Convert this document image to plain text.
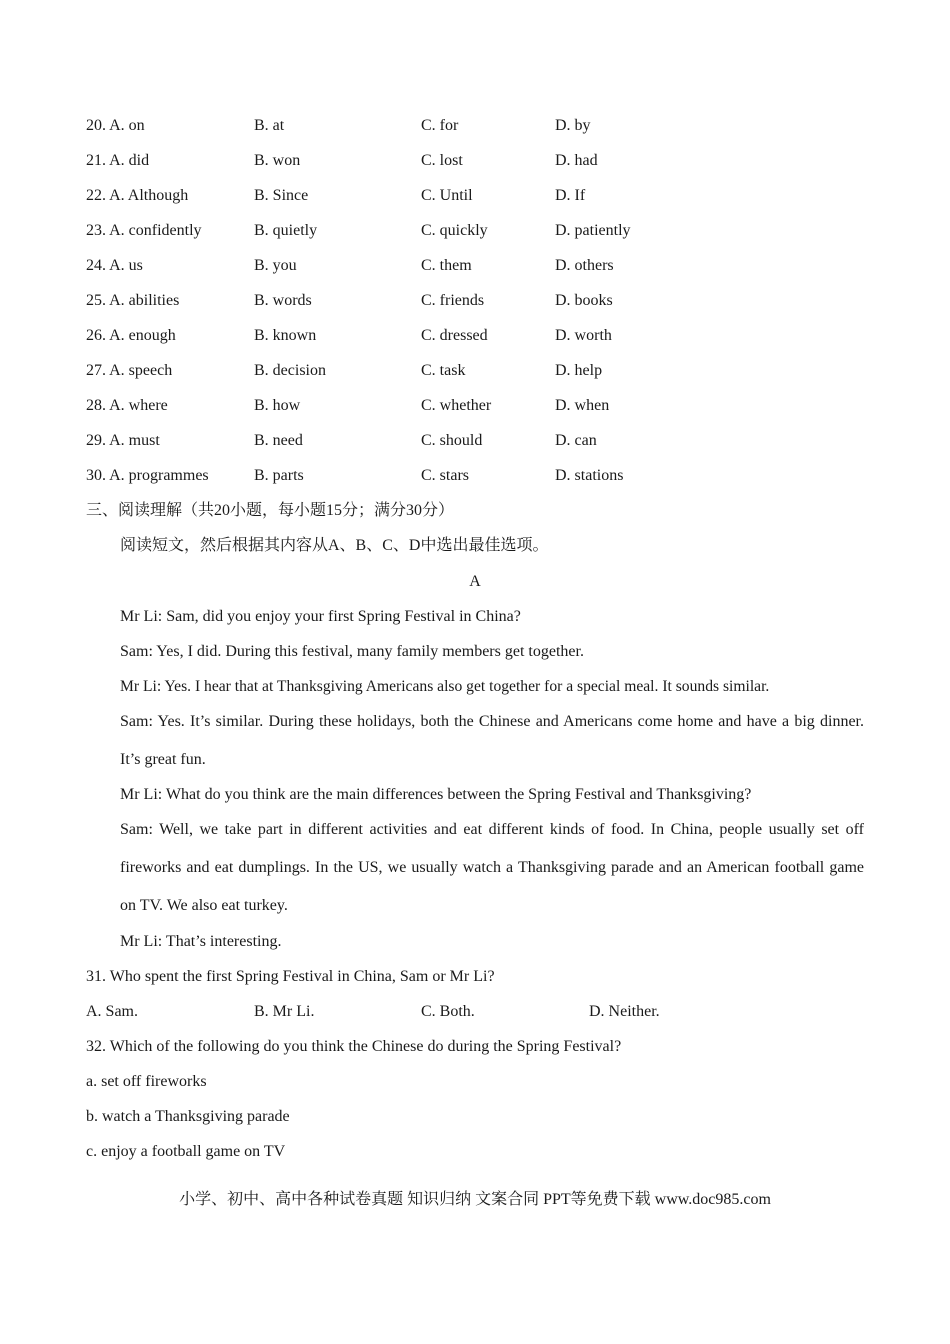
20. A. on	B. at	C. for	D. by
21. A. did	B. won	C. lost	D. had
22. A. Although	B. Since	C. Until	D. If
23. A. confidently	B. quietly	C. quickly	D. patiently
24. A. us	B. you	C. them	D. others
25. A. abilities	B. words	C. friends	D. books
26. A. enough	B. known	C. dressed	D. worth
27. A. speech	B. decision	C. task	D. help
28. A. where	B. how	C. whether	D. when
29. A. must	B. need	C. should	D. can
30. A. programmes	B. parts	C. stars	D. stations
三、阅读理解（共20小题，每小题15分；满分30分）
阅读短文，然后根据其内容从A、B、C、D中选出最佳选项。
A
Mr Li: Sam, did you enjoy your first Spring Festival in China?
Sam: Yes, I did. During this festival, many family members get together.
Mr Li: Yes. I hear that at Thanksgiving Americans also get together for a special meal. It sounds similar.
Sam: Yes. It’s similar. During these holidays, both the Chinese and Americans come home and have a big dinner. It’s great fun.
Mr Li: What do you think are the main differences between the Spring Festival and Thanksgiving?
Sam: Well, we take part in different activities and eat different kinds of food. In China, people usually set off fireworks and eat dumplings. In the US, we usually watch a Thanksgiving parade and an American football game on TV. We also eat turkey.
Mr Li: That’s interesting.
31. Who spent the first Spring Festival in China, Sam or Mr Li?
A. Sam.	B. Mr Li.	C. Both.	D. Neither.
32. Which of the following do you think the Chinese do during the Spring Festival?
a. set off fireworks
b. watch a Thanksgiving parade
c. enjoy a football game on TV
小学、初中、高中各种试卷真题 知识归纳 文案合同 PPT等免费下载 www.doc985.com
